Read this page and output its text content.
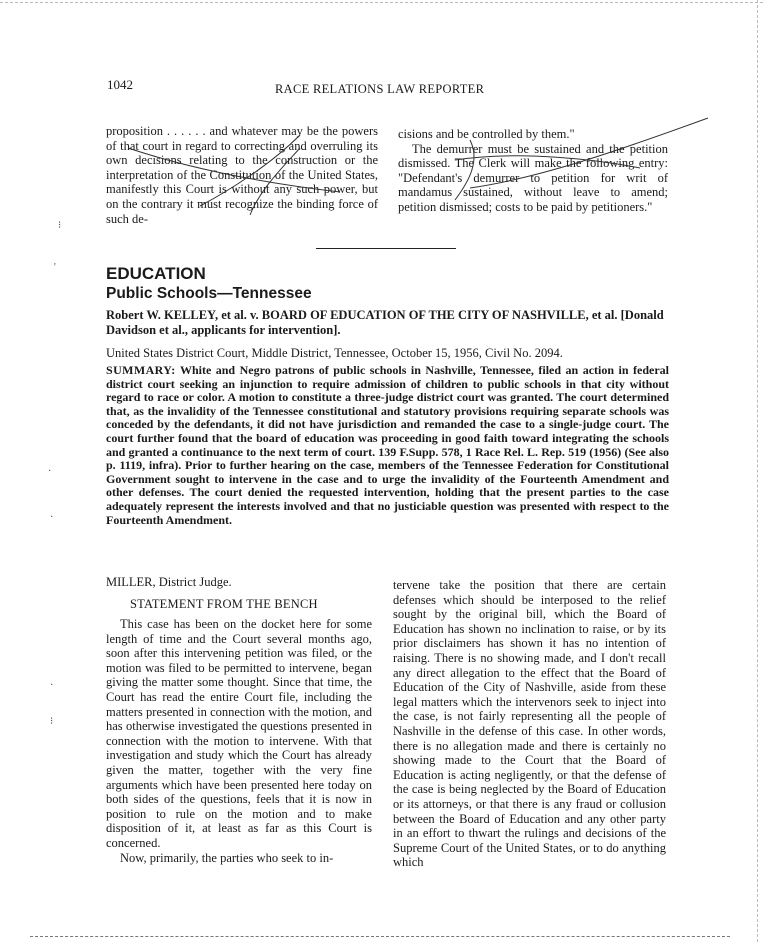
1042	RACE RELATIONS LAW REPORTER

proposition . . . . . . and whatever may be the powers of that court in regard to correcting and overruling its own decisions relating to the construction or the interpretation of the Constitution of the United States, manifestly this Court is without any such power, but on the contrary it must recognize the binding force of such de-

cisions and be controlled by them."

The demurrer must be sustained and the petition dismissed. The Clerk will make the following entry: "Defendant's demurrer to petition for writ of mandamus sustained, without leave to amend; petition dismissed; costs to be paid by petitioners."

EDUCATION
Public Schools—Tennessee
Robert W. KELLEY, et al. v. BOARD OF EDUCATION OF THE CITY OF NASHVILLE, et al. [Donald Davidson et al., applicants for intervention].
United States District Court, Middle District, Tennessee, October 15, 1956, Civil No. 2094.
SUMMARY: White and Negro patrons of public schools in Nashville, Tennessee, filed an action in federal district court seeking an injunction to require admission of children to public schools in that city without regard to race or color. A motion to constitute a three-judge district court was granted. The court determined that, as the invalidity of the Tennessee constitutional and statutory provisions requiring separate schools was conceded by the defendants, it did not have jurisdiction and remanded the case to a single-judge court. The court further found that the board of education was proceeding in good faith toward integrating the schools and granted a continuance to the next term of court. 139 F.Supp. 578, 1 Race Rel. L. Rep. 519 (1956) (See also p. 1119, infra). Prior to further hearing on the case, members of the Tennessee Federation for Constitutional Government sought to intervene in the case and to urge the invalidity of the Fourteenth Amendment and other defenses. The court denied the requested intervention, holding that the present parties to the case adequately represent the interests involved and that no justiciable question was presented with respect to the Fourteenth Amendment.
MILLER, District Judge.
STATEMENT FROM THE BENCH

This case has been on the docket here for some length of time and the Court several months ago, soon after this intervening petition was filed, or the motion was filed to be permitted to intervene, began giving the matter some thought. Since that time, the Court has read the entire Court file, including the matters presented in connection with the motion, and has otherwise investigated the questions presented in connection with the motion to intervene. With that investigation and study which the Court has already given the matter, together with the very fine arguments which have been presented here today on both sides of the questions, feels that it is now in position to rule on the motion and to make disposition of it, at least as far as this Court is concerned.

Now, primarily, the parties who seek to in-

tervene take the position that there are certain defenses which should be interposed to the relief sought by the original bill, which the Board of Education has shown no inclination to raise, or by its prior disclaimers has shown it has no intention of raising. There is no showing made, and I don't recall any direct allegation to the effect that the Board of Education of the City of Nashville, aside from these legal matters which the intervenors seek to inject into the case, is not fairly representing all the people of Nashville in the defense of this case. In other words, there is no allegation made and there is certainly no showing made to the Court that the Board of Education is acting negligently, or that the defense of the case is being neglected by the Board of Education or its attorneys, or that there is any fraud or collusion between the Board of Education and any other party in an effort to thwart the rulings and decisions of the Supreme Court of the United States, or to do anything which

⁝
'
·
·
·
⁝
